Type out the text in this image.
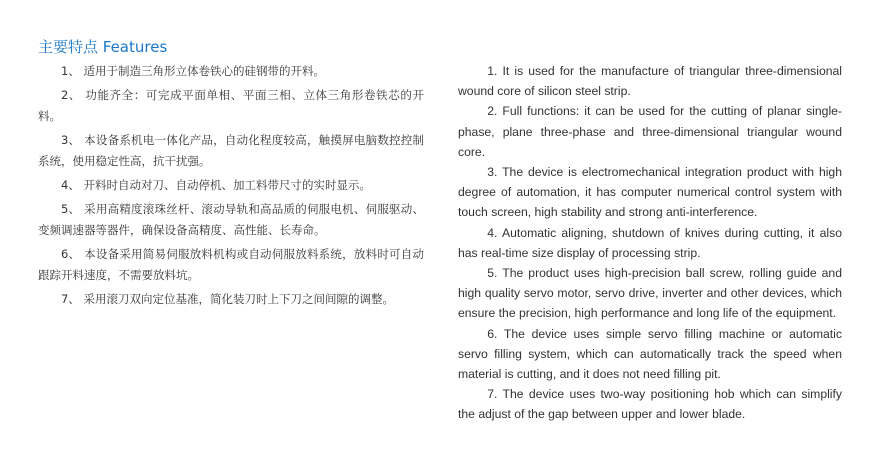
主要特点 Features

1、 适用于制造三角形立体卷铁心的硅钢带的开料。

2、 功能齐全：可完成平面单相、平面三相、立体三角形卷铁芯的开料。

3、 本设备系机电一体化产品，自动化程度较高，触摸屏电脑数控控制系统，使用稳定性高，抗干扰强。

4、 开料时自动对刀、自动停机、加工料带尺寸的实时显示。

5、 采用高精度滚珠丝杆、滚动导轨和高品质的伺服电机、伺服驱动、变频调速器等器件，确保设备高精度、高性能、长寿命。

6、 本设备采用简易伺服放料机构或自动伺服放料系统，放料时可自动跟踪开料速度，不需要放料坑。

7、 采用滚刀双向定位基准，简化装刀时上下刀之间间隙的调整。

1. It is used for the manufacture of triangular three-dimensional wound core of silicon steel strip.

2. Full functions: it can be used for the cutting of planar single-phase, plane three-phase and three-dimensional triangular wound core.

3. The device is electromechanical integration product with high degree of automation, it has computer numerical control system with touch screen, high stability and strong anti-interference.

4. Automatic aligning, shutdown of knives during cutting, it also has real-time size display of processing strip.

5. The product uses high-precision ball screw, rolling guide and high quality servo motor, servo drive, inverter and other devices, which ensure the precision, high performance and long life of the equipment.

6. The device uses simple servo filling machine or automatic servo filling system, which can automatically track the speed when material is cutting, and it does not need filling pit.

7. The device uses two-way positioning hob which can simplify the adjust of the gap between upper and lower blade.
